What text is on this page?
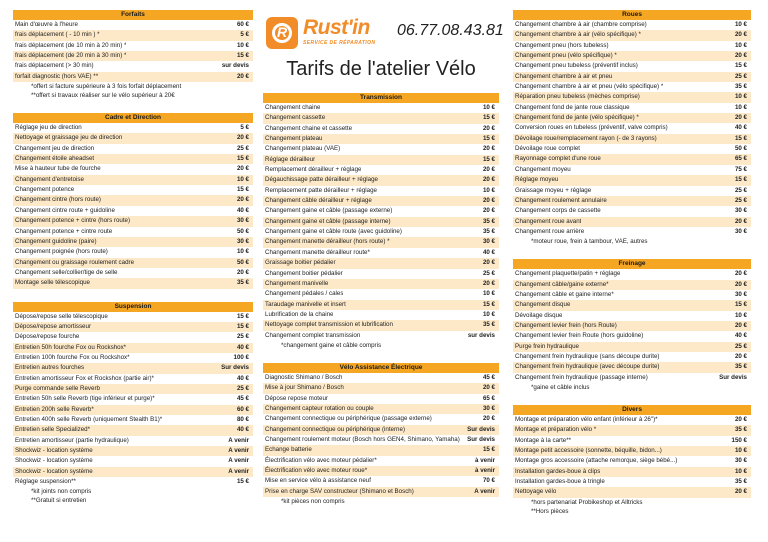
Forfaits
Main d'œuvre à l'heure	60 €
frais déplacement ( - 10 min ) *	5 €
frais déplacement (de 10 min à 20 min) *	10 €
frais déplacement (de 20 min à 30 min) *	15 €
frais déplacement (> 30 min)	sur devis
forfait diagnostic (hors VAE) **	20 €
*offert si facture supérieure à 3 fois forfait déplacement
**offert si travaux réaliser sur le vélo supérieur à 20€
Cadre et Direction
Réglage jeu de direction	5 €
Nettoyage et graissage jeu de direction	20 €
Changement jeu de direction	25 €
Changement étoile aheadset	15 €
Mise à hauteur tube de fourche	20 €
Changement d'entretoise	10 €
Changement potence	15 €
Changement cintre (hors route)	20 €
Changement cintre route + guidoline	40 €
Changement potence + cintre (hors route)	30 €
Changement potence + cintre route	50 €
Changement guidoline (paire)	30 €
Changement poignée (hors route)	10 €
Changement ou graissage roulement cadre	50 €
Changement selle/collier/tige de selle	20 €
Montage selle télescopique	35 €
Suspension
Dépose/repose selle télescopique	15 €
Dépose/repose amortisseur	15 €
Dépose/repose fourche	25 €
Entretien 50h fourche Fox ou Rockshox*	40 €
Entretien 100h fourche Fox ou Rockshox*	100 €
Entretien autres fourches	Sur devis
Entretien amortisseur Fox et Rockshox (partie air)*	40 €
Purge commande selle Reverb	25 €
Entretien 50h selle Reverb (tige inférieur et purge)*	45 €
Entretien 200h selle Reverb*	60 €
Entretien 400h selle Reverb (uniquement Stealth B1)*	80 €
Entretien selle Specialized*	40 €
Entretien amortisseur (partie hydraulique)	A venir
Shockwiz - location système	A venir
Shockwiz - location système	A venir
Shockwiz - location système	A venir
Réglage suspension**	15 €
*kit joints non compris
**Gratuit si entretien
R Rust'in
SERVICE DE RÉPARATION
06.77.08.43.81
Tarifs de l'atelier Vélo
Transmission
Changement chaine	10 €
Changement cassette	15 €
Changement chaine et cassette	20 €
Changement plateau	15 €
Changement plateau (VAE)	20 €
Réglage dérailleur	15 €
Remplacement dérailleur + réglage	20 €
Dégauchissage patte dérailleur + réglage	20 €
Remplacement patte dérailleur + réglage	10 €
Changement câble dérailleur + réglage	20 €
Changement gaine et câble (passage externe)	20 €
Changement gaine et câble (passage interne)	35 €
Changement gaine et câble route (avec guidoline)	35 €
Changement manette dérailleur (hors route) *	30 €
Changement manette dérailleur route*	40 €
Graissage boitier pédalier	20 €
Changement boitier pédalier	25 €
Changement manivelle	20 €
Changement pédales / cales	10 €
Taraudage manivelle et insert	15 €
Lubrification de la chaine	10 €
Nettoyage complet transmission et lubrification	35 €
Changement complet transmission	sur devis
*changement gaine et câble compris
Vélo Assistance Électrique
Diagnostic Shimano / Bosch	45 €
Mise à jour Shimano / Bosch	20 €
Dépose repose moteur	65 €
Changement capteur rotation ou couple	30 €
Changement connectique ou périphérique (passage externe)	20 €
Changement connectique ou périphérique (interne)	Sur devis
Changement roulement moteur (Bosch hors GEN4, Shimano, Yamaha) Sur devis
Echange batterie	15 €
Électrification vélo avec moteur pédalier*	à venir
Électrification vélo avec moteur roue*	à venir
Mise en service vélo à assistance neuf	70 €
Prise en charge SAV constructeur (Shimano et Bosch)	A venir
*kit pièces non compris
Roues
Changement chambre à air (chambre comprise)	10 €
Changement chambre à air (vélo spécifique) *	20 €
Changement pneu (hors tubeless)	10 €
Changement pneu (vélo spécifique) *	20 €
Changement pneu tubeless (préventif inclus)	15 €
Changement chambre à air et pneu	25 €
Changement chambre à air et pneu (vélo spécifique) *	35 €
Réparation pneu tubeless (mèches comprise)	10 €
Changement fond de jante roue classique	10 €
Changement fond de jante (vélo spécifique) *	20 €
Conversion roues en tubeless (préventif, valve compris)	40 €
Dévoilage roue/remplacement rayon (- de 3 rayons)	15 €
Dévoilage roue complet	50 €
Rayonnage complet d'une roue	65 €
Changement moyeu	75 €
Réglage moyeu	15 €
Graissage moyeu + réglage	25 €
Changement roulement annulaire	25 €
Changement corps de cassette	30 €
Changement roue avant	20 €
Changement roue arrière	30 €
*moteur roue, frein à tambour, VAE, autres
Freinage
Changement plaquette/patin + réglage	20 €
Changement câble/gaine externe*	20 €
Changement câble et gaine interne*	30 €
Changement disque	15 €
Dévoilage disque	10 €
Changement levier frein (hors Route)	20 €
Changement levier frein Route (hors guidoline)	40 €
Purge frein hydraulique	25 €
Changement frein hydraulique (sans découpe durite)	20 €
Changement frein hydraulique (avec découpe durite)	35 €
Changement frein hydraulique (passage interne)	Sur devis
*gaine et câble inclus
Divers
Montage et préparation vélo enfant (inférieur à 26")*	20 €
Montage et préparation vélo *	35 €
Montage à la carte**	150 €
Montage petit accessoire (sonnette, béquille, bidon...)	10 €
Montage gros accessoire (attache remorque, siège bébé...)	30 €
Installation gardes-boue à clips	10 €
Installation gardes-boue à tringle	35 €
Nettoyage vélo	20 €
*hors partenariat Probikeshop et Alltricks
**Hors pièces
